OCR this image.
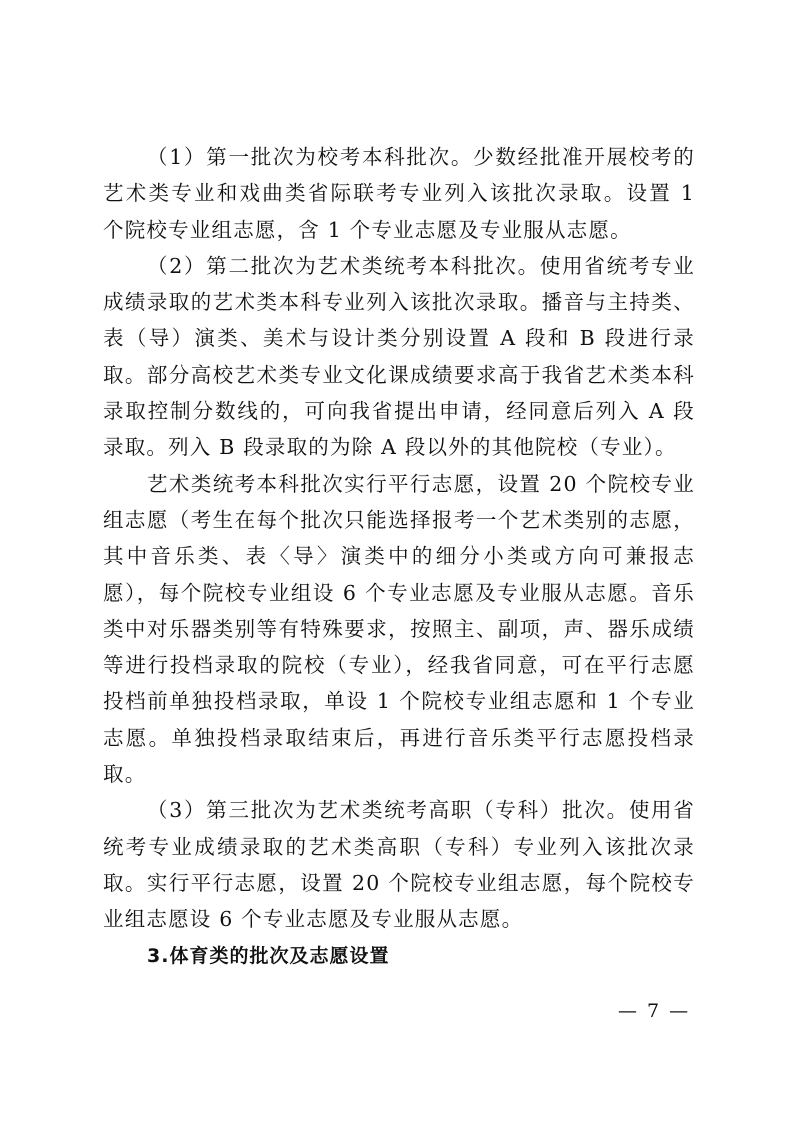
（1）第一批次为校考本科批次。少数经批准开展校考的艺术类专业和戏曲类省际联考专业列入该批次录取。设置 1 个院校专业组志愿，含 1 个专业志愿及专业服从志愿。

（2）第二批次为艺术类统考本科批次。使用省统考专业成绩录取的艺术类本科专业列入该批次录取。播音与主持类、表（导）演类、美术与设计类分别设置 A 段和 B 段进行录取。部分高校艺术类专业文化课成绩要求高于我省艺术类本科录取控制分数线的，可向我省提出申请，经同意后列入 A 段录取。列入 B 段录取的为除 A 段以外的其他院校（专业）。

艺术类统考本科批次实行平行志愿，设置 20 个院校专业组志愿（考生在每个批次只能选择报考一个艺术类别的志愿，其中音乐类、表〈导〉演类中的细分小类或方向可兼报志愿），每个院校专业组设 6 个专业志愿及专业服从志愿。音乐类中对乐器类别等有特殊要求，按照主、副项，声、器乐成绩等进行投档录取的院校（专业），经我省同意，可在平行志愿投档前单独投档录取，单设 1 个院校专业组志愿和 1 个专业志愿。单独投档录取结束后，再进行音乐类平行志愿投档录取。

（3）第三批次为艺术类统考高职（专科）批次。使用省统考专业成绩录取的艺术类高职（专科）专业列入该批次录取。实行平行志愿，设置 20 个院校专业组志愿，每个院校专业组志愿设 6 个专业志愿及专业服从志愿。

3.体育类的批次及志愿设置

— 7 —
